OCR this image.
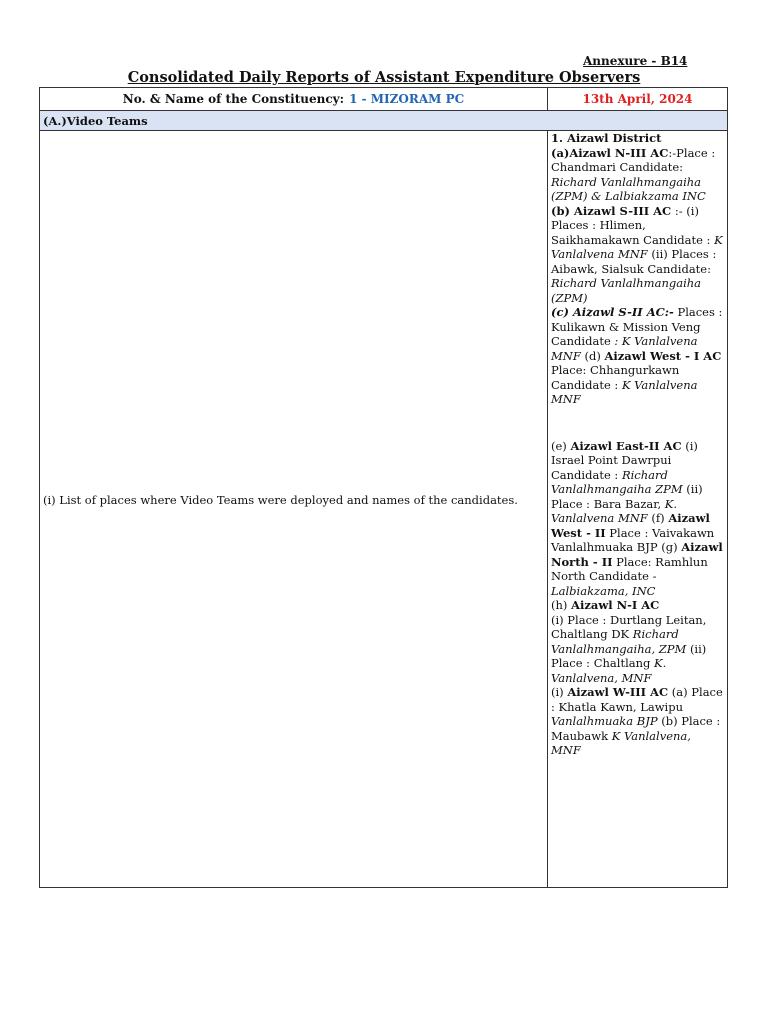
Annexure - B14
Consolidated Daily Reports of Assistant Expenditure Observers
No. & Name of the Constituency: 1 - MIZORAM PC	13th April, 2024
(A.)Video Teams
(i) List of places where Video Teams were deployed and names of the candidates.

1. Aizawl District

(a)Aizawl N-III AC:-Place : Chandmari Candidate: Richard Vanlalhmangaiha (ZPM) & Lalbiakzama INC

(b) Aizawl S-III AC :- (i) Places : Hlimen, Saikhamakawn Candidate : K Vanlalvena MNF (ii) Places : Aibawk, Sialsuk Candidate: Richard Vanlalhmangaiha (ZPM)

(c) Aizawl S-II AC:- Places : Kulikawn & Mission Veng Candidate : K Vanlalvena MNF (d) Aizawl West - I AC Place: Chhangurkawn Candidate : K Vanlalvena MNF

(e) Aizawl East-II AC (i) Israel Point Dawrpui Candidate : Richard Vanlalhmangaiha ZPM (ii) Place : Bara Bazar, K. Vanlalvena MNF (f) Aizawl West - II Place : Vaivakawn Vanlalhmuaka BJP (g) Aizawl North - II Place: Ramhlun North Candidate - Lalbiakzama, INC

(h) Aizawl N-I AC

(i) Place : Durtlang Leitan, Chaltlang DK Richard Vanlalhmangaiha, ZPM (ii) Place : Chaltlang K. Vanlalvena, MNF

(i) Aizawl W-III AC (a) Place : Khatla Kawn, Lawipu Vanlalhmuaka BJP (b) Place : Maubawk K Vanlalvena, MNF
